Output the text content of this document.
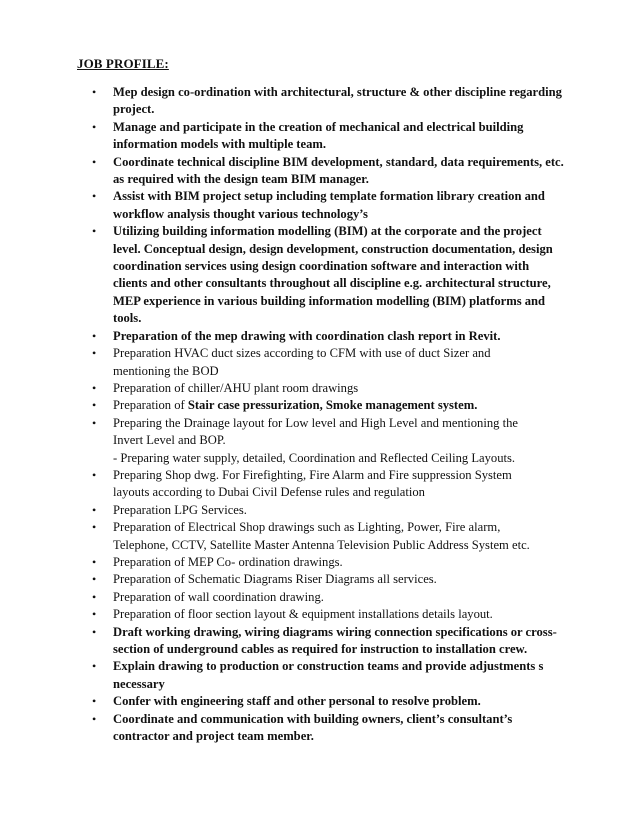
JOB PROFILE:
• Mep design co-ordination with architectural, structure & other discipline regarding
project.
• Manage and participate in the creation of mechanical and electrical building
information models with multiple team.
• Coordinate technical discipline BIM development, standard, data requirements, etc.
as required with the design team BIM manager.
• Assist with BIM project setup including template formation library creation and
workflow analysis thought various technology’s
• Utilizing building information modelling (BIM) at the corporate and the project
level. Conceptual design, design development, construction documentation, design
coordination services using design coordination software and interaction with
clients and other consultants throughout all discipline e.g. architectural structure,
MEP experience in various building information modelling (BIM) platforms and
tools.
• Preparation of the mep drawing with coordination clash report in Revit.
• Preparation HVAC duct sizes according to CFM with use of duct Sizer and
mentioning the BOD
• Preparation of chiller/AHU plant room drawings
• Preparation of Stair case pressurization, Smoke management system.
• Preparing the Drainage layout for Low level and High Level and mentioning the
Invert Level and BOP.
- Preparing water supply, detailed, Coordination and Reflected Ceiling Layouts.
• Preparing Shop dwg. For Firefighting, Fire Alarm and Fire suppression System
layouts according to Dubai Civil Defense rules and regulation
• Preparation LPG Services.
• Preparation of Electrical Shop drawings such as Lighting, Power, Fire alarm,
Telephone, CCTV, Satellite Master Antenna Television Public Address System etc.
• Preparation of MEP Co- ordination drawings.
• Preparation of Schematic Diagrams Riser Diagrams all services.
• Preparation of wall coordination drawing.
• Preparation of floor section layout & equipment installations details layout.
• Draft working drawing, wiring diagrams wiring connection specifications or cross-
section of underground cables as required for instruction to installation crew.
• Explain drawing to production or construction teams and provide adjustments s
necessary
• Confer with engineering staff and other personal to resolve problem.
• Coordinate and communication with building owners, client’s consultant’s
contractor and project team member.
